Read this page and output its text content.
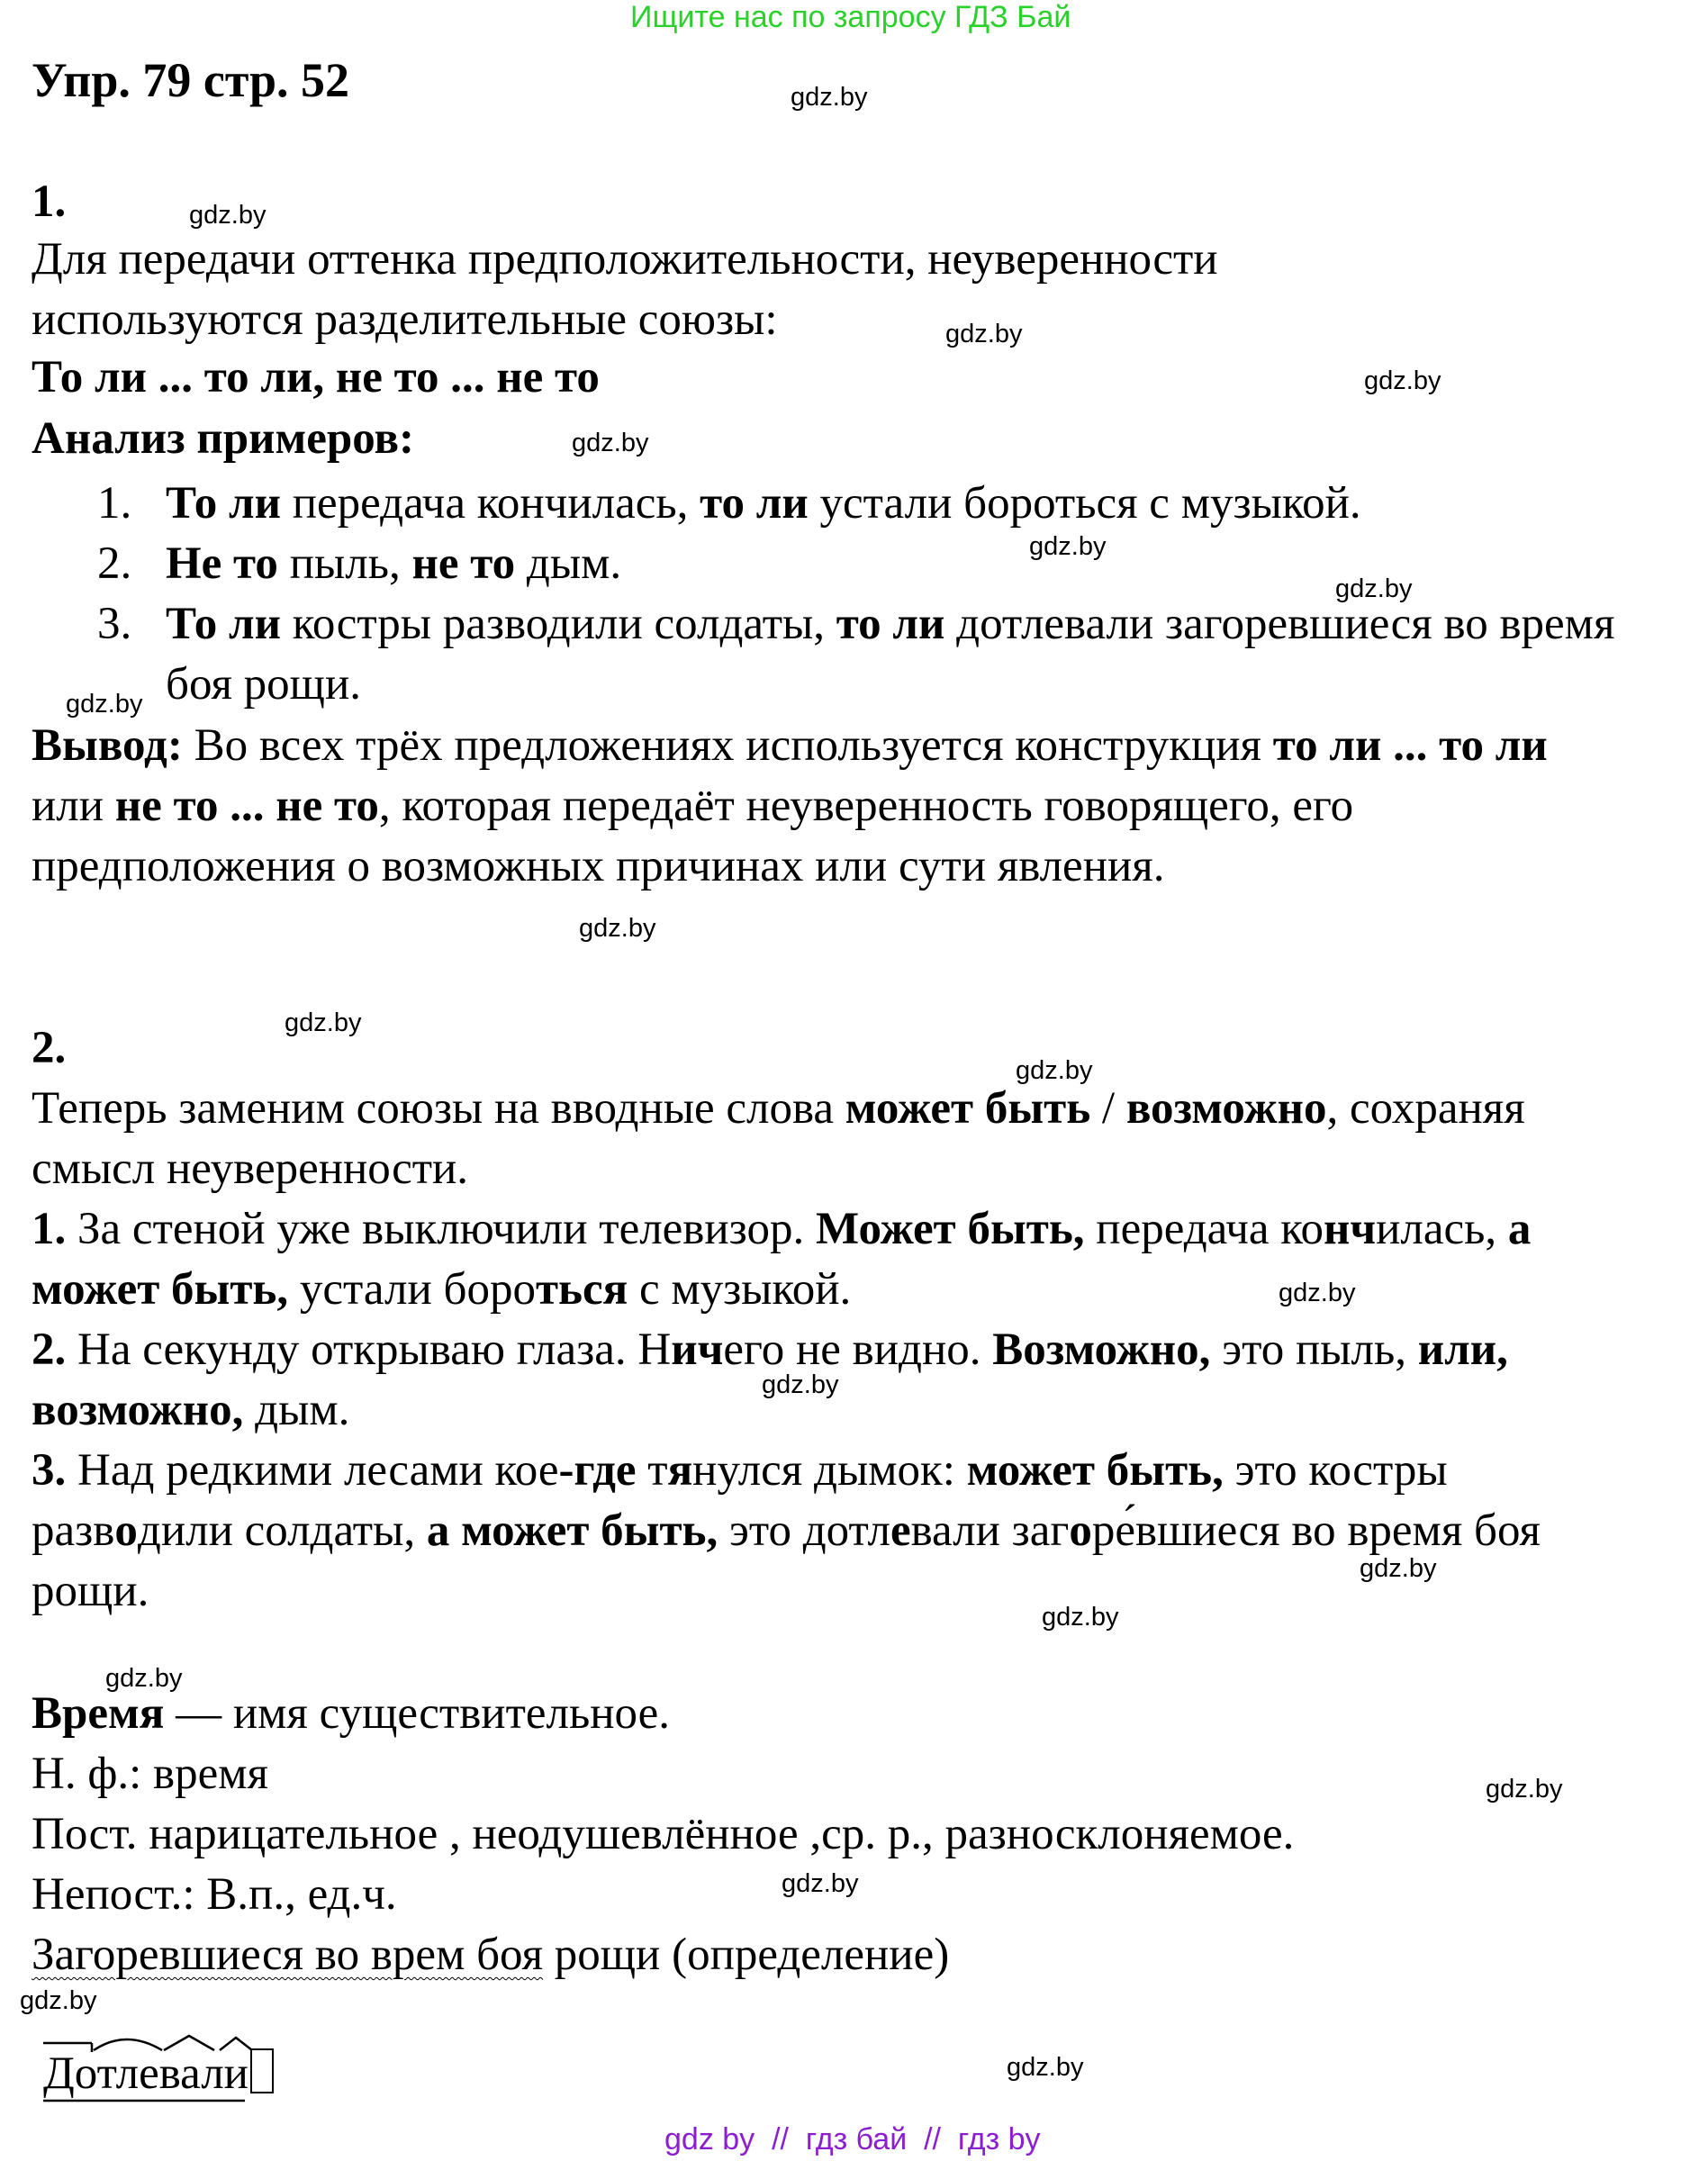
Ищите нас по запросу ГДЗ Бай
Упр. 79 стр. 52	gdz.by
gdz.by
gdz.by
gdz.by
gdz.by
gdz.by
gdz.by
gdz.by
gdz.by
gdz.by
gdz.by
gdz.by
gdz.by
gdz.by
gdz.by
gdz.by
gdz.by
gdz.by
gdz.by
gdz.by
1.
Для передачи оттенка предположительности, неуверенности используются разделительные союзы:
То ли ... то ли, не то ... не то
Анализ примеров:
1. То ли передача кончилась, то ли устали бороться с музыкой.
2. Не то пыль, не то дым.
3. То ли костры разводили солдаты, то ли дотлевали загоревшиеся во время боя рощи.
Вывод: Во всех трёх предложениях используется конструкция то ли ... то ли или не то ... не то, которая передаёт неуверенность говорящего, его предположения о возможных причинах или сути явления.
2.
Теперь заменим союзы на вводные слова может быть / возможно, сохраняя смысл неуверенности.
1. За стеной уже выключили телевизор. Может быть, передача кончилась, а может быть, устали бороться с музыкой.
2. На секунду открываю глаза. Ничего не видно. Возможно, это пыль, или, возможно, дым.
3. Над редкими лесами кое-где тянулся дымок: может быть, это костры разводили солдаты, а может быть, это дотлевали загоре́вшиеся во время боя рощи.
Время — имя существительное.
Н. ф.: время
Пост. нарицательное , неодушевлённое ,ср. р., разносклоняемое.
Непост.: В.п., ед.ч.
Загоревшиеся во врем боя рощи (определение)
Дотлевали
gdz by  //  гдз бай  //  гдз by
